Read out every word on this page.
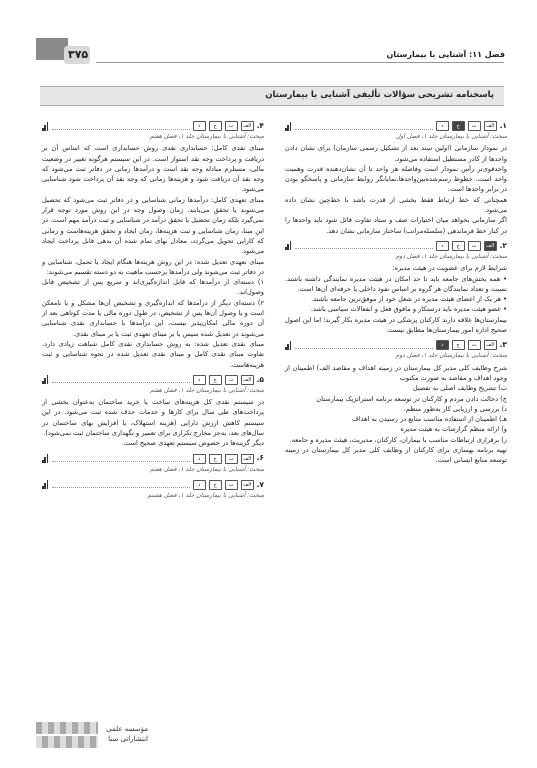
۳۷۵	فصل ۱۱: آشنایی با بیمارستان
پاسخنامه تشریحی سؤالات تألیفی آشنایی با بیمارستان
۱.
الف
ب
ج
د
مبحث: آشنایی با بیمارستان جلد ۱، فصل اول

در نمودار سازمانی (اولین سند بعد از تشکیل رسمی سازمان) برای نشان دادن واحدها از کادر مستطیل استفاده می‌شود.

واحدقوی‌تر رأس نمودار است وفاصله هر واحد تا آن نشان‌دهنده قدرت وهمیت واحد است. خطوط رسم‌شده‌بین‌واحدها،نمایانگر روابط سازمانی و پاسخگو بودن در برابر واحدها است.

همچنانی که خط ارتباط فقط بخشی از قدرت باشد با خط‌چین نشان داده می‌شود.

اگر سازمانی بخواهد میان اختیارات صف و ستاد تفاوت قائل شود باید واحدها را در کنار خط فرماندهی (سلسله‌مراتب) ساختار سازمانی نشان دهد.

۲.
الف
ب
ج
د
مبحث: آشنایی با بیمارستان جلد ۱، فصل دوم

شرایط لازم برای عضویت در هیئت مدیره:

• همه بخش‌های جامعه باید تا حد امکان در هیئت مدیره نمایندگی داشته باشند. نسبت و تعداد نمایندگان هر گروه بر اساس نفوذ داخلی یا حرفه‌ای آن‌ها است.

• هر یک از اعضای هیئت مدیره در شغل خود از موفق‌ترین جامعه باشند.

• عضو هیئت مدیره باید درستکار و مافوق فعل و انفعالات سیاسی باشد.

بیمارستان‌ها علاقه دارند کارکنان پزشکی در هیئت مدیره بکار گیرند؛ اما این اصول صحیح اداره امور بیمارستان‌ها مطابق نیست.

۳.
الف
ب
ج
د
مبحث: آشنایی با بیمارستان جلد ۱، فصل دوم

شرح وظایف کلی مدیر کل بیمارستان در زمینه اهداف و مقاصد الف) اطمینان از وجود اهداف و مقاصد به صورت مکتوب

ب) تشریح وظایف اصلی به تفصیل

ج) دخالت دادن مردم و کارکنان در توسعه برنامه استراتژیک بیمارستان

د) بررسی و ارزیابی کار به‌طور منظم.

هـ) اطمینان از استفاده مناسب منابع در رسیدن به اهداف

و) ارائه منظم گزارشات به هیئت مدیره

ز) برقراری ارتباطات مناسب با بیماران، کارکنان، مدیریت، هیئت مدیره و جامعه.

تهیه برنامه بهسازی برای کارکنان از وظایف کلی مدیر کل بیمارستان در زمینه توسعه منابع انسانی است.

۴.
الف
ب
ج
د
مبحث: آشنایی با بیمارستان جلد ۱، فصل هفتم

مبنای نقدی کامل: حسابداری نقدی روش حسابداری است که اساس آن بر دریافت و پرداخت وجه نقد استوار است. در این سیستم هرگونه تغییر در وضعیت مالی، مستلزم مبادله وجه نقد است و درآمدها زمانی در دفاتر ثبت می‌شود که وجه نقد آن دریافت شود و هزینه‌ها زمانی که وجه نقد آن پرداخت شود شناسایی می‌شود.

مبنای تعهدی کامل: درآمدها زمانی شناسایی و در دفاتر ثبت می‌شود که تحصیل می‌شوند یا تحقق می‌یابند. زمان وصول وجه در این روش مورد توجه قرار نمی‌گیرد بلکه زمان تحصیل یا تحقق درآمد در شناسایی و ثبت درآمد مهم است. در این مبنا، زمان شناسایی و ثبت هزینه‌ها، زمان ایجاد و تحقق هزینه‌هاست و زمانی که کارایی تحویل می‌گردد، معادل بهای تمام شده آن بدهی قابل پرداخت ایجاد می‌شود.

مبنای تعهدی تعدیل شده: در این روش هزینه‌ها هنگام ایجاد یا تحمل، شناسایی و در دفاتر ثبت می‌شوند ولی درآمدها برحسب ماهیت به دو دسته تقسیم می‌شوند:

۱) دسته‌ای از درآمدها که قابل اندازه‌گیری‌اند و سریع پس از تشخیص قابل وصول‌اند.

۲) دسته‌ای دیگر از درآمدها که اندازه‌گیری و تشخیص آن‌ها مشکل و یا نامعکن است و یا وصول آن‌ها پس از تشخیص، در طول دوره مالی یا مدت کوتاهی بعد از آن دوره مالی امکان‌پذیر نیست، این درآمدها با حسابداری نقدی شناسایی می‌شوند در تعدیل شده سپس با بر مبنای تعهدی ثبت یا بر مبنای نقدی.

مبنای نقدی تعدیل شده: به روش حسابداری نقدی کامل شباهت زیادی دارد. تفاوت مبنای نقدی کامل و مبنای نقدی تعدیل شده در نحوه شناسایی و ثبت هزینه‌هاست.

۵.
الف
ب
ج
د
مبحث: آشنایی با بیمارستان جلد ۱، فصل هفتم

در سیستم نقدی کل هزینه‌های ساخت یا خرید ساختمان به‌عنوان بخشی از پرداخت‌های طی سال برای کارها و خدمات حذف شده ثبت می‌شود. در این سیستم کاهش ارزش دارایی (هزینه استهلاک، یا افزایش بهای ساختمان در سال‌های بعد، به‌جز مخارج تکراری برای تعمیر و نگهداری ساختمان ثبت نمی‌شود).

دیگر گزینه‌ها در خصوص سیستم تعهدی صحیح است.

۶.
الف
ب
ج
د
مبحث: آشنایی با بیمارستان جلد ۱، فصل هفتم
۷.
الف
ب
ج
د
مبحث: آشنایی با بیمارستان جلد ۱، فصل هشتم
مؤسسه علمی
انتشاراتی سنا
